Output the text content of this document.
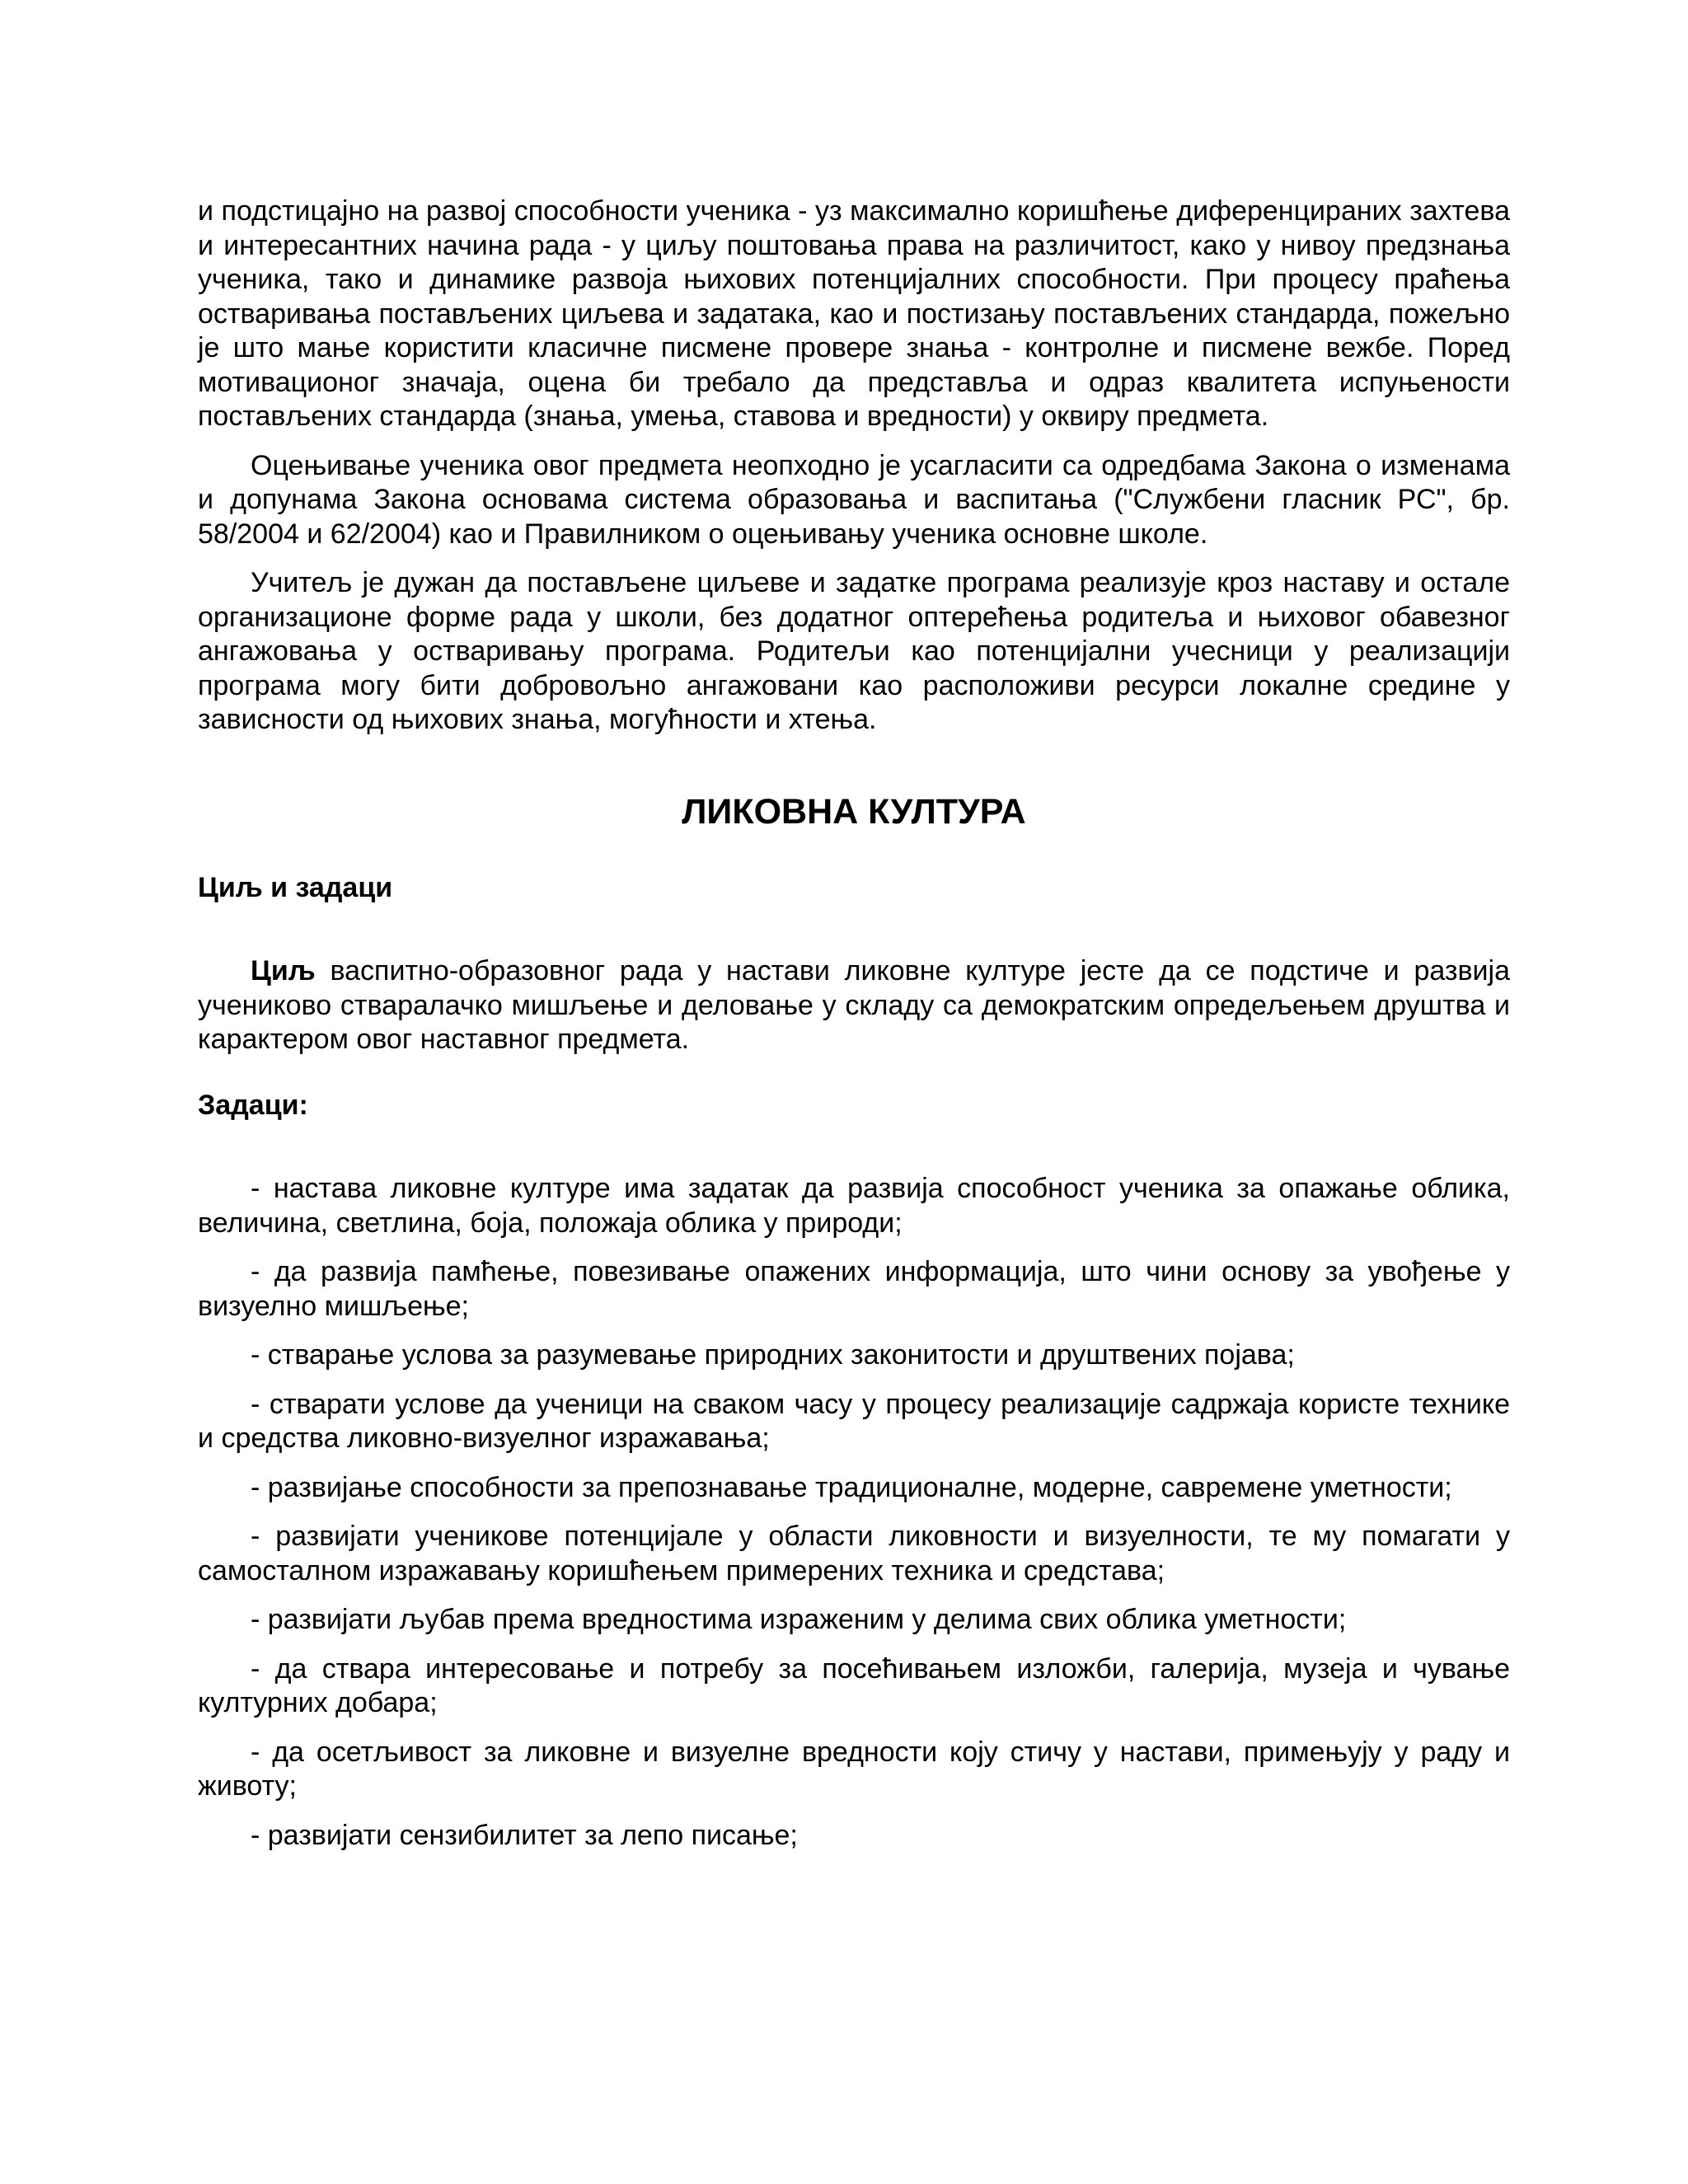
и подстицајно на развој способности ученика - уз максимално коришћење диференцираних захтева и интересантних начина рада - у циљу поштовања права на различитост, како у нивоу предзнања ученика, тако и динамике развоја њихових потенцијалних способности. При процесу праћења остваривања постављених циљева и задатака, као и постизању постављених стандарда, пожељно је што мање користити класичне писмене провере знања - контролне и писмене вежбе. Поред мотивационог значаја, оцена би требало да представља и одраз квалитета испуњености постављених стандарда (знања, умења, ставова и вредности) у оквиру предмета.

Оцењивање ученика овог предмета неопходно је усагласити са одредбама Закона о изменама и допунама Закона основама система образовања и васпитања ("Службени гласник РС", бр. 58/2004 и 62/2004) као и Правилником о оцењивању ученика основне школе.

Учитељ је дужан да постављене циљеве и задатке програма реализује кроз наставу и остале организационе форме рада у школи, без додатног оптерећења родитеља и њиховог обавезног ангажовања у остваривању програма. Родитељи као потенцијални учесници у реализацији програма могу бити добровољно ангажовани као расположиви ресурси локалне средине у зависности од њихових знања, могућности и хтења.

ЛИКОВНА КУЛТУРА

Циљ и задаци

Циљ васпитно-образовног рада у настави ликовне културе јесте да се подстиче и развија учениково стваралачко мишљење и деловање у складу са демократским опредељењем друштва и карактером овог наставног предмета.

Задаци:

- настава ликовне културе има задатак да развија способност ученика за опажање облика, величина, светлина, боја, положаја облика у природи;

- да развија памћење, повезивање опажених информација, што чини основу за увођење у визуелно мишљење;

- стварање услова за разумевање природних законитости и друштвених појава;

- стварати услове да ученици на сваком часу у процесу реализације садржаја користе технике и средства ликовно-визуелног изражавања;

- развијање способности за препознавање традиционалне, модерне, савремене уметности;

- развијати ученикове потенцијале у области ликовности и визуелности, те му помагати у самосталном изражавању коришћењем примерених техника и средстава;

- развијати љубав према вредностима израженим у делима свих облика уметности;

- да ствара интересовање и потребу за посећивањем изложби, галерија, музеја и чување културних добара;

- да осетљивост за ликовне и визуелне вредности коју стичу у настави, примењују у раду и животу;

- развијати сензибилитет за лепо писање;
